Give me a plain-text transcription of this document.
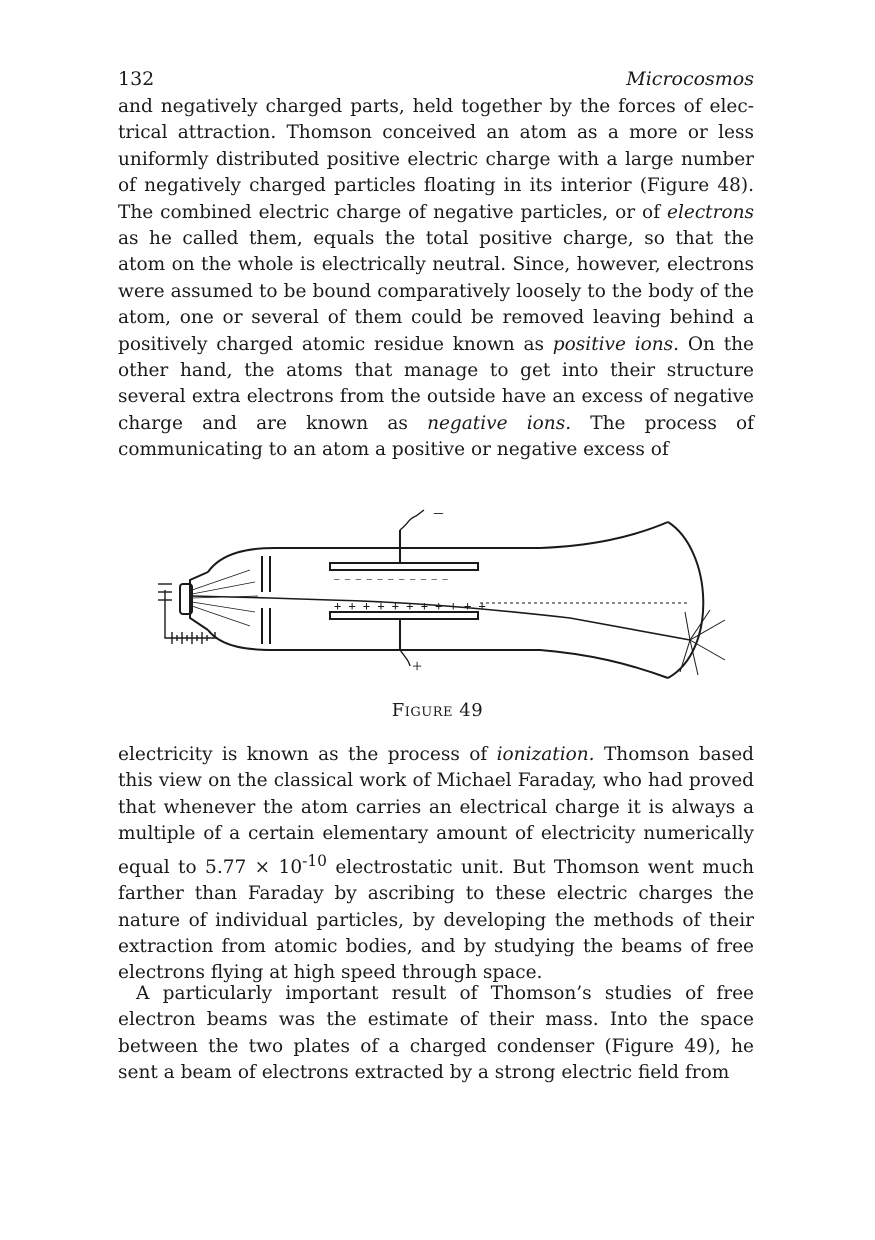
132	Microcosmos

and negatively charged parts, held together by the forces of electrical attraction. Thomson conceived an atom as a more or less uniformly distributed positive electric charge with a large number of negatively charged particles floating in its interior (Figure 48). The combined electric charge of negative particles, or of electrons as he called them, equals the total positive charge, so that the atom on the whole is electrically neutral. Since, however, electrons were assumed to be bound comparatively loosely to the body of the atom, one or several of them could be removed leaving behind a positively charged atomic residue known as positive ions. On the other hand, the atoms that manage to get into their structure several extra electrons from the outside have an excess of negative charge and are known as negative ions. The process of communicating to an atom a positive or negative excess of

–
+
– – – – – – – – – – –
+ + + + + + + + + + +
Figure 49

electricity is known as the process of ionization. Thomson based this view on the classical work of Michael Faraday, who had proved that whenever the atom carries an electrical charge it is always a multiple of a certain elementary amount of electricity numerically equal to $5.77 \times 10^{-10}$ electrostatic unit. But Thomson went much farther than Faraday by ascribing to these electric charges the nature of individual particles, by developing the methods of their extraction from atomic bodies, and by studying the beams of free electrons flying at high speed through space.

A particularly important result of Thomson’s studies of free electron beams was the estimate of their mass. Into the space between the two plates of a charged condenser (Figure 49), he sent a beam of electrons extracted by a strong electric field from
